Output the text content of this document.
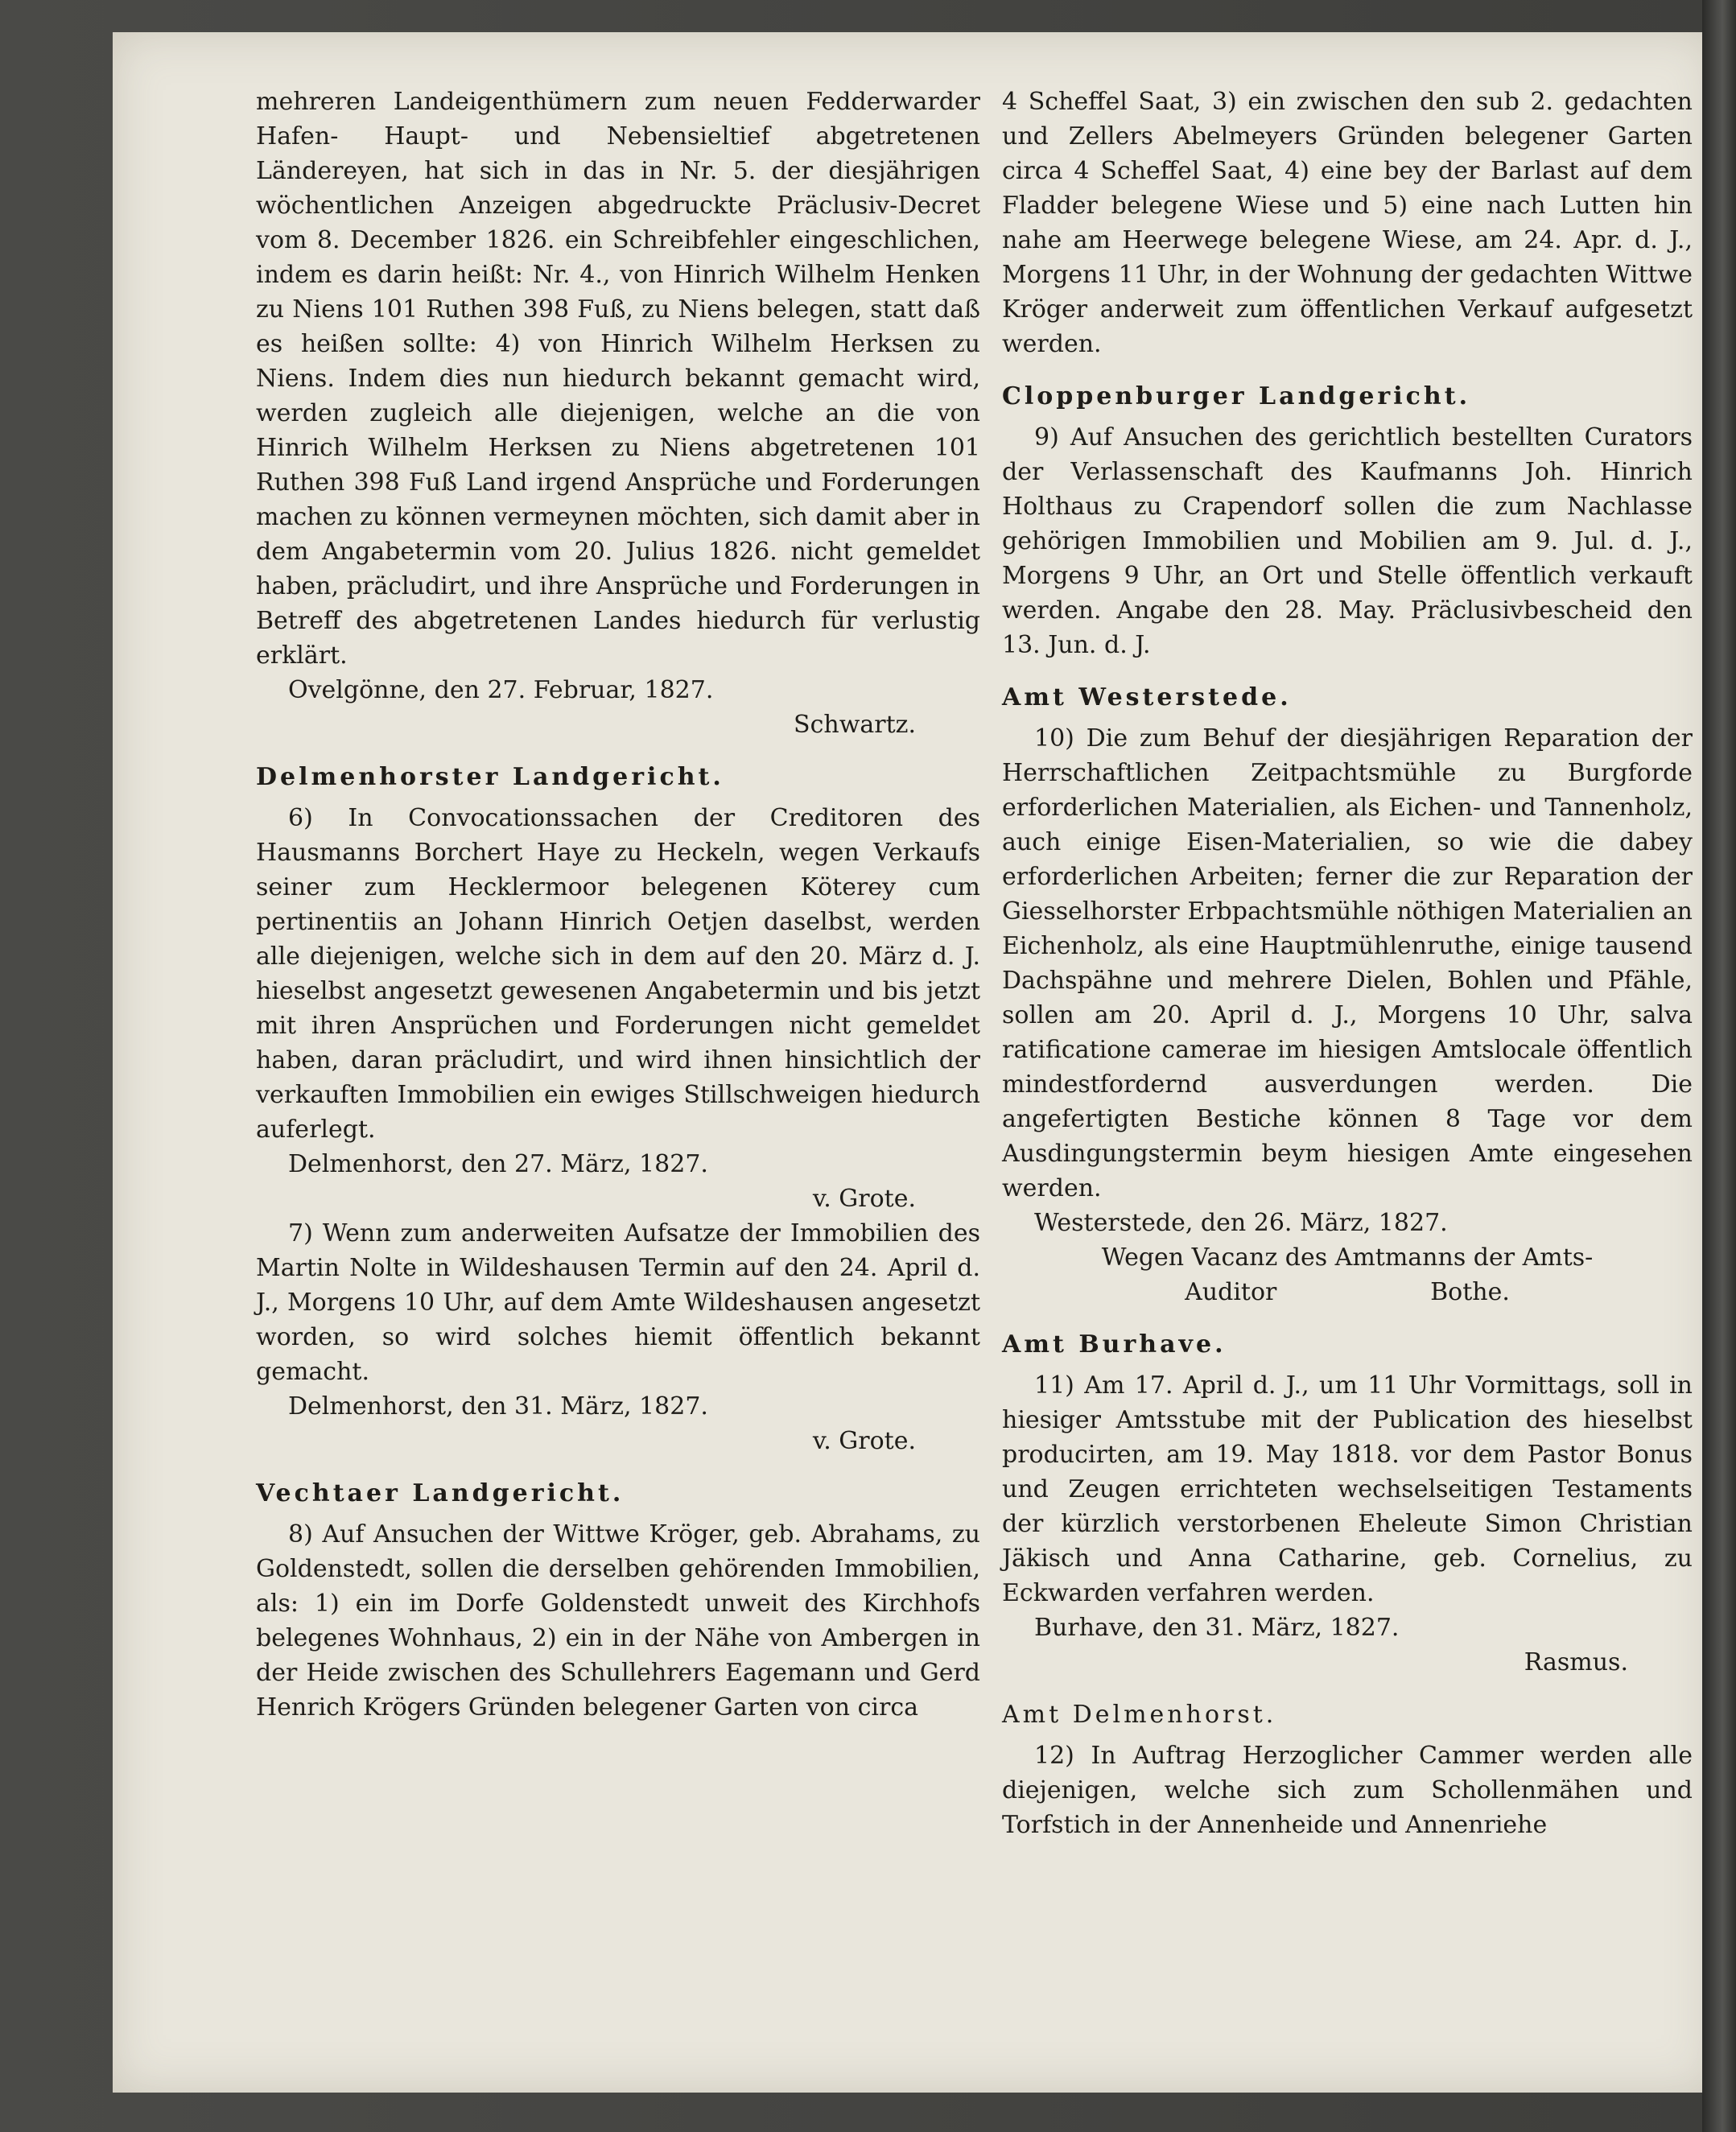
mehreren Landeigenthümern zum neuen Fedderwarder Hafen- Haupt- und Nebensieltief abgetretenen Ländereyen, hat sich in das in Nr. 5. der diesjährigen wöchentlichen Anzeigen abgedruckte Präclusiv-Decret vom 8. December 1826. ein Schreibfehler eingeschlichen, indem es darin heißt: Nr. 4., von Hinrich Wilhelm Henken zu Niens 101 Ruthen 398 Fuß, zu Niens belegen, statt daß es heißen sollte: 4) von Hinrich Wilhelm Herksen zu Niens. Indem dies nun hiedurch bekannt gemacht wird, werden zugleich alle diejenigen, welche an die von Hinrich Wilhelm Herksen zu Niens abgetretenen 101 Ruthen 398 Fuß Land irgend Ansprüche und Forderungen machen zu können vermeynen möchten, sich damit aber in dem Angabetermin vom 20. Julius 1826. nicht gemeldet haben, präcludirt, und ihre Ansprüche und Forderungen in Betreff des abgetretenen Landes hiedurch für verlustig erklärt.

Ovelgönne, den 27. Februar, 1827.

Schwartz.

Delmenhorster Landgericht.

6) In Convocationssachen der Creditoren des Hausmanns Borchert Haye zu Heckeln, wegen Verkaufs seiner zum Hecklermoor belegenen Köterey cum pertinentiis an Johann Hinrich Oetjen daselbst, werden alle diejenigen, welche sich in dem auf den 20. März d. J. hieselbst angesetzt gewesenen Angabetermin und bis jetzt mit ihren Ansprüchen und Forderungen nicht gemeldet haben, daran präcludirt, und wird ihnen hinsichtlich der verkauften Immobilien ein ewiges Stillschweigen hiedurch auferlegt.

Delmenhorst, den 27. März, 1827.

v. Grote.

7) Wenn zum anderweiten Aufsatze der Immobilien des Martin Nolte in Wildeshausen Termin auf den 24. April d. J., Morgens 10 Uhr, auf dem Amte Wildeshausen angesetzt worden, so wird solches hiemit öffentlich bekannt gemacht.

Delmenhorst, den 31. März, 1827.

v. Grote.

Vechtaer Landgericht.

8) Auf Ansuchen der Wittwe Kröger, geb. Abrahams, zu Goldenstedt, sollen die derselben gehörenden Immobilien, als: 1) ein im Dorfe Goldenstedt unweit des Kirchhofs belegenes Wohnhaus, 2) ein in der Nähe von Ambergen in der Heide zwischen des Schullehrers Eagemann und Gerd Henrich Krögers Gründen belegener Garten von circa

4 Scheffel Saat, 3) ein zwischen den sub 2. gedachten und Zellers Abelmeyers Gründen belegener Garten circa 4 Scheffel Saat, 4) eine bey der Barlast auf dem Fladder belegene Wiese und 5) eine nach Lutten hin nahe am Heerwege belegene Wiese, am 24. Apr. d. J., Morgens 11 Uhr, in der Wohnung der gedachten Wittwe Kröger anderweit zum öffentlichen Verkauf aufgesetzt werden.

Cloppenburger Landgericht.

9) Auf Ansuchen des gerichtlich bestellten Curators der Verlassenschaft des Kaufmanns Joh. Hinrich Holthaus zu Crapendorf sollen die zum Nachlasse gehörigen Immobilien und Mobilien am 9. Jul. d. J., Morgens 9 Uhr, an Ort und Stelle öffentlich verkauft werden. Angabe den 28. May. Präclusivbescheid den 13. Jun. d. J.

Amt Westerstede.

10) Die zum Behuf der diesjährigen Reparation der Herrschaftlichen Zeitpachtsmühle zu Burgforde erforderlichen Materialien, als Eichen- und Tannenholz, auch einige Eisen-Materialien, so wie die dabey erforderlichen Arbeiten; ferner die zur Reparation der Giesselhorster Erbpachtsmühle nöthigen Materialien an Eichenholz, als eine Hauptmühlenruthe, einige tausend Dachspähne und mehrere Dielen, Bohlen und Pfähle, sollen am 20. April d. J., Morgens 10 Uhr, salva ratificatione camerae im hiesigen Amtslocale öffentlich mindestfordernd ausverdungen werden. Die angefertigten Bestiche können 8 Tage vor dem Ausdingungstermin beym hiesigen Amte eingesehen werden.

Westerstede, den 26. März, 1827.

Wegen Vacanz des Amtmanns der Amts-

Auditor                    Bothe.

Amt Burhave.

11) Am 17. April d. J., um 11 Uhr Vormittags, soll in hiesiger Amtsstube mit der Publication des hieselbst producirten, am 19. May 1818. vor dem Pastor Bonus und Zeugen errichteten wechselseitigen Testaments der kürzlich verstorbenen Eheleute Simon Christian Jäkisch und Anna Catharine, geb. Cornelius, zu Eckwarden verfahren werden.

Burhave, den 31. März, 1827.

Rasmus.

Amt Delmenhorst.

12) In Auftrag Herzoglicher Cammer werden alle diejenigen, welche sich zum Schollenmähen und Torfstich in der Annenheide und Annenriehe
